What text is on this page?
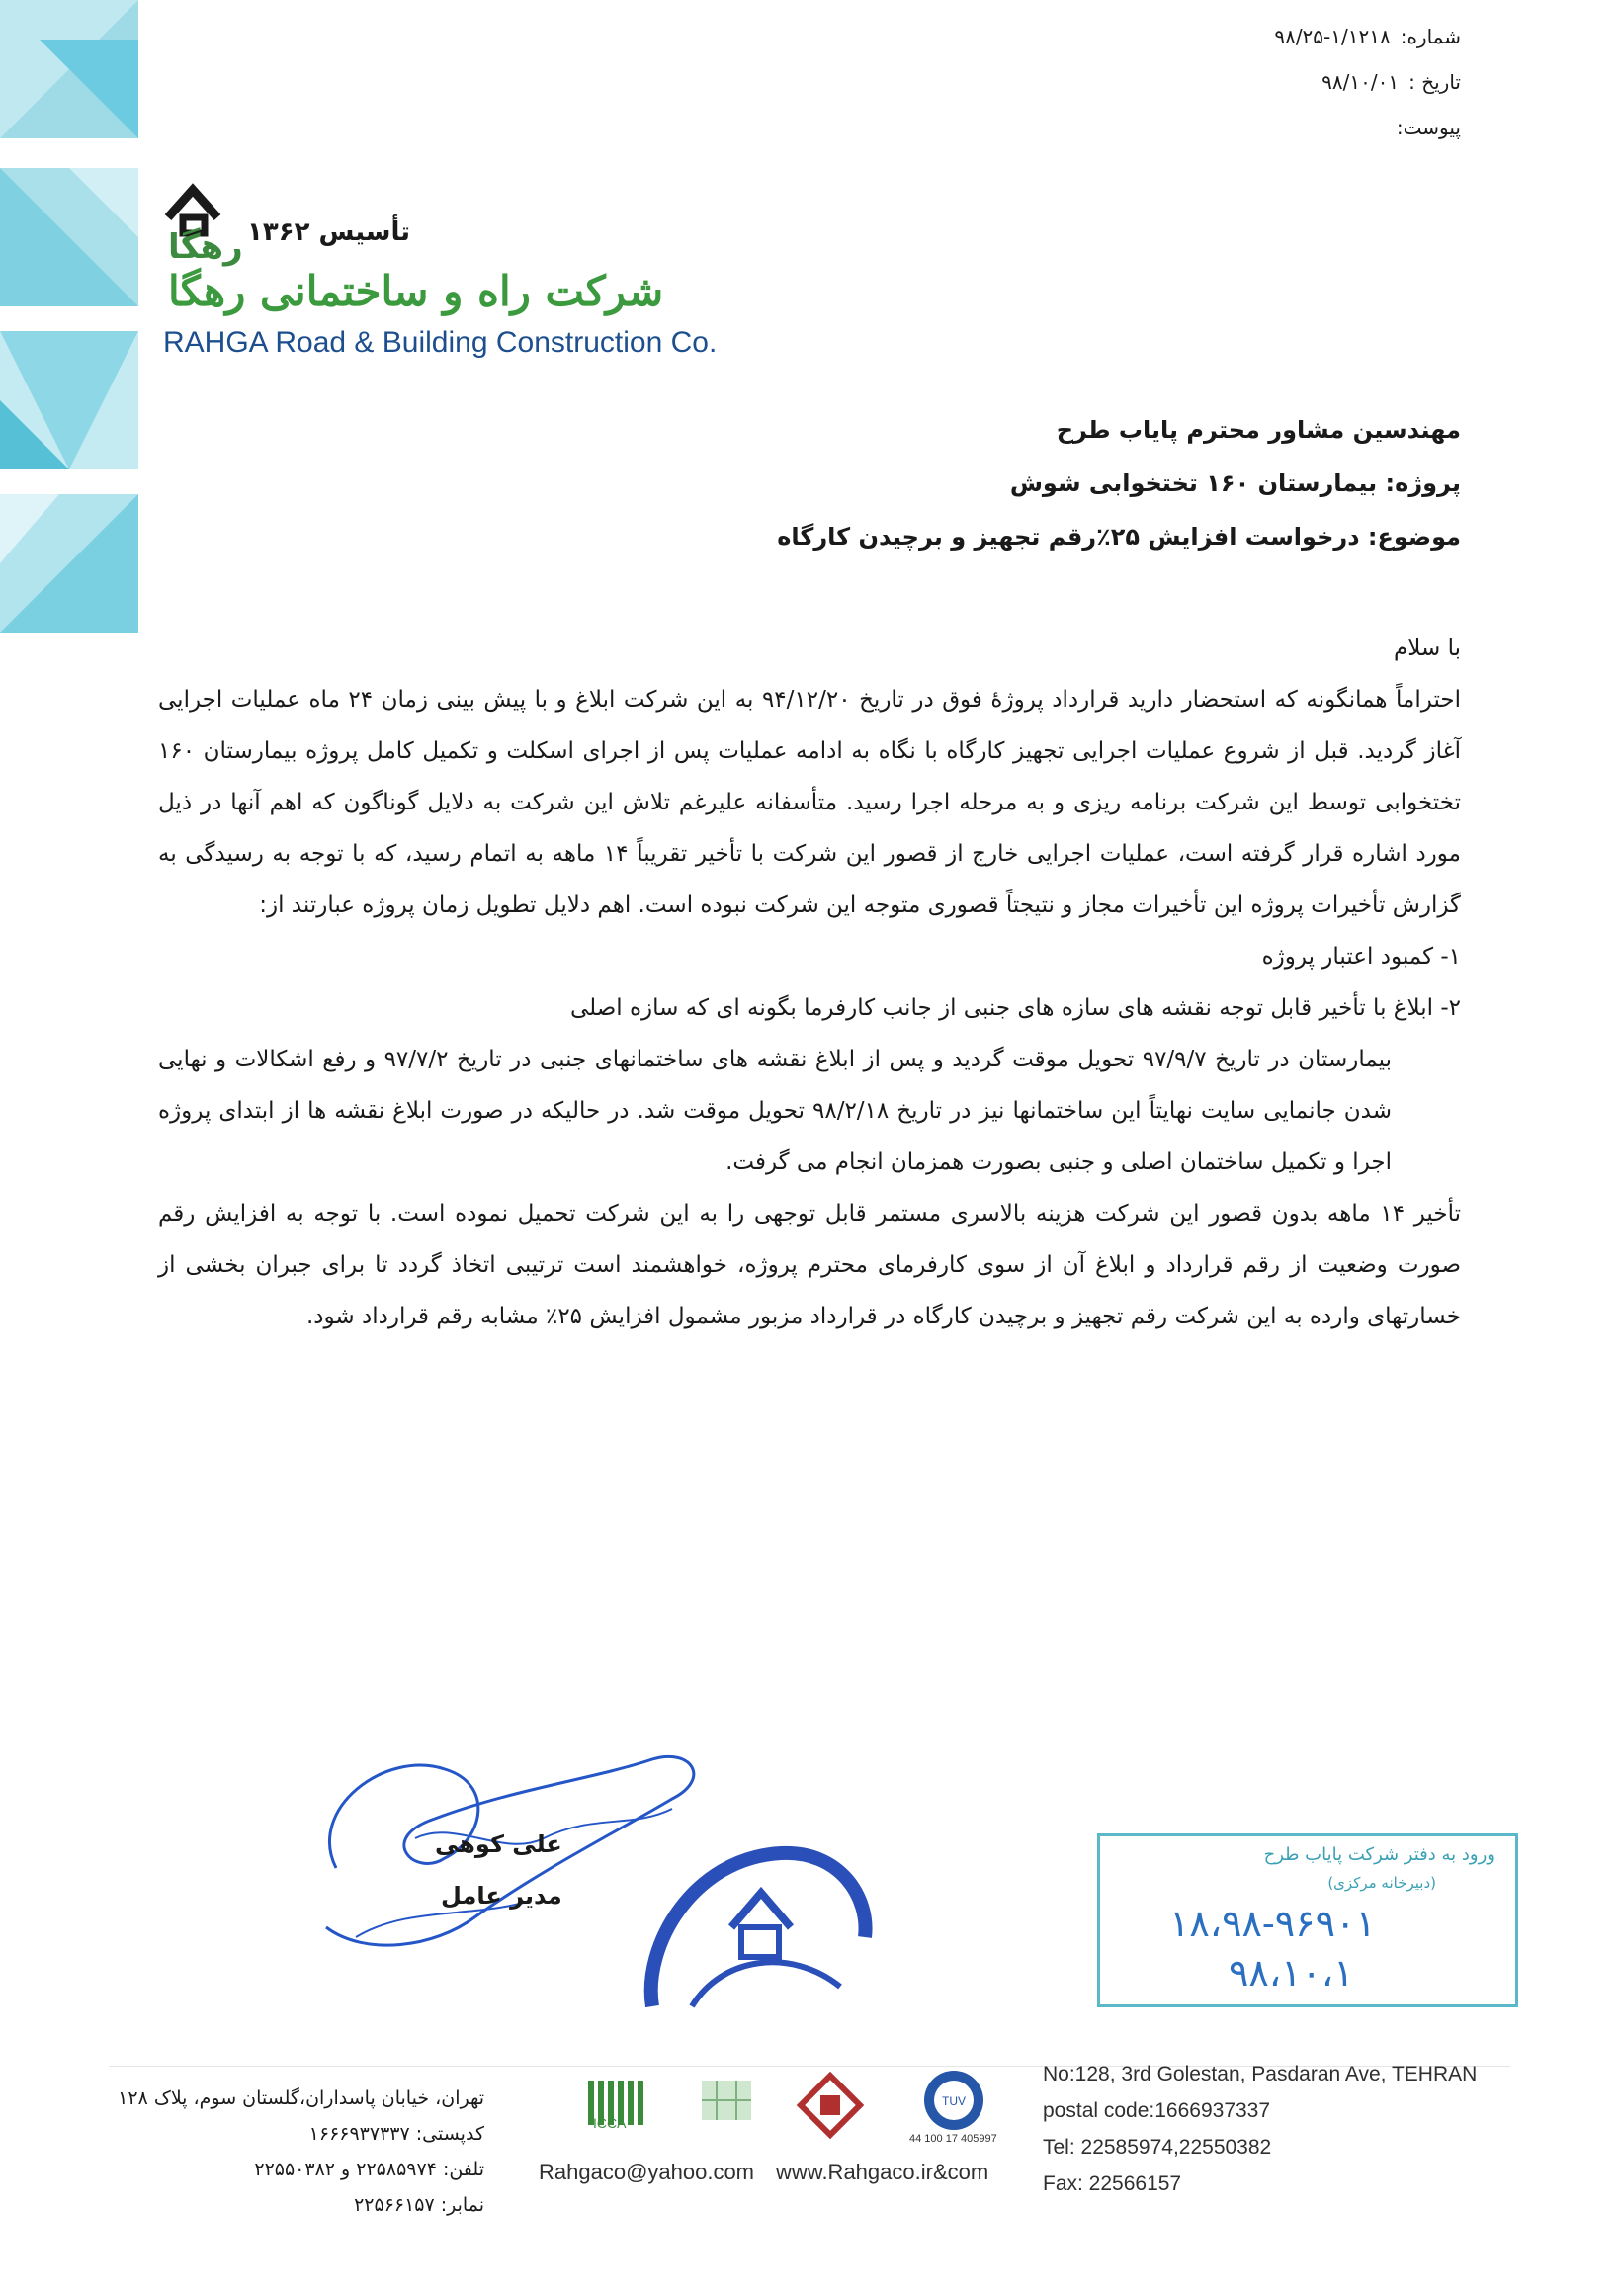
شماره:
۹۸/۲۵-۱/۱۲۱۸
تاریخ :
۹۸/۱۰/۰۱
پیوست:
تأسیس ۱۳۶۲
رهگا
شرکت راه و ساختمانی رهگا
RAHGA Road & Building Construction Co.
مهندسین مشاور محترم پایاب طرح
پروژه: بیمارستان ۱۶۰ تختخوابی شوش
موضوع: درخواست افزایش ۲۵٪رقم تجهیز و برچیدن کارگاه

با سلام

احتراماً همانگونه که استحضار دارید قرارداد پروژۀ فوق در تاریخ ۹۴/۱۲/۲۰ به این شرکت ابلاغ و با پیش بینی زمان ۲۴ ماه عملیات اجرایی آغاز گردید. قبل از شروع عملیات اجرایی تجهیز کارگاه با نگاه به ادامه عملیات پس از اجرای اسکلت و تکمیل کامل پروژه بیمارستان ۱۶۰ تختخوابی توسط این شرکت برنامه ریزی و به مرحله اجرا رسید. متأسفانه علیرغم تلاش این شرکت به دلایل گوناگون که اهم آنها در ذیل مورد اشاره قرار گرفته است، عملیات اجرایی خارج از قصور این شرکت با تأخیر تقریباً ۱۴ ماهه به اتمام رسید، که با توجه به رسیدگی به گزارش تأخیرات پروژه این تأخیرات مجاز و نتیجتاً قصوری متوجه این شرکت نبوده است. اهم دلایل تطویل زمان پروژه عبارتند از:

۱- کمبود اعتبار پروژه

۲- ابلاغ با تأخیر قابل توجه نقشه های سازه های جنبی از جانب کارفرما بگونه ای که سازه اصلی

بیمارستان در تاریخ ۹۷/۹/۷ تحویل موقت گردید و پس از ابلاغ نقشه های ساختمانهای جنبی در تاریخ ۹۷/۷/۲ و رفع اشکالات و نهایی شدن جانمایی سایت نهایتاً این ساختمانها نیز در تاریخ ۹۸/۲/۱۸ تحویل موقت شد. در حالیکه در صورت ابلاغ نقشه ها از ابتدای پروژه اجرا و تکمیل ساختمان اصلی و جنبی بصورت همزمان انجام می گرفت.

تأخیر ۱۴ ماهه بدون قصور این شرکت هزینه بالاسری مستمر قابل توجهی را به این شرکت تحمیل نموده است. با توجه به افزایش رقم صورت وضعیت از رقم قرارداد و ابلاغ آن از سوی کارفرمای محترم پروژه، خواهشمند است ترتیبی اتخاذ گردد تا برای جبران بخشی از خسارتهای وارده به این شرکت رقم تجهیز و برچیدن کارگاه در قرارداد مزبور مشمول افزایش ۲۵٪ مشابه رقم قرارداد شود.

علی کوهی
مدیر عامل
ورود به دفتر شرکت پایاب طرح
(دبیرخانه مرکزی)
۱۸،۹۸-۹۶۹۰۱
۹۸،۱۰،۱
تهران، خیابان پاسداران،گلستان سوم، پلاک ۱۲۸
کدپستی: ۱۶۶۶۹۳۷۳۳۷
تلفن: ۲۲۵۸۵۹۷۴ و ۲۲۵۵۰۳۸۲
نمابر: ۲۲۵۶۶۱۵۷
ICCA
TUV
44 100 17 405997
Rahgaco@yahoo.com www.Rahgaco.ir&com
No:128, 3rd Golestan, Pasdaran Ave, TEHRAN
postal code:1666937337
Tel: 22585974,22550382
Fax: 22566157
